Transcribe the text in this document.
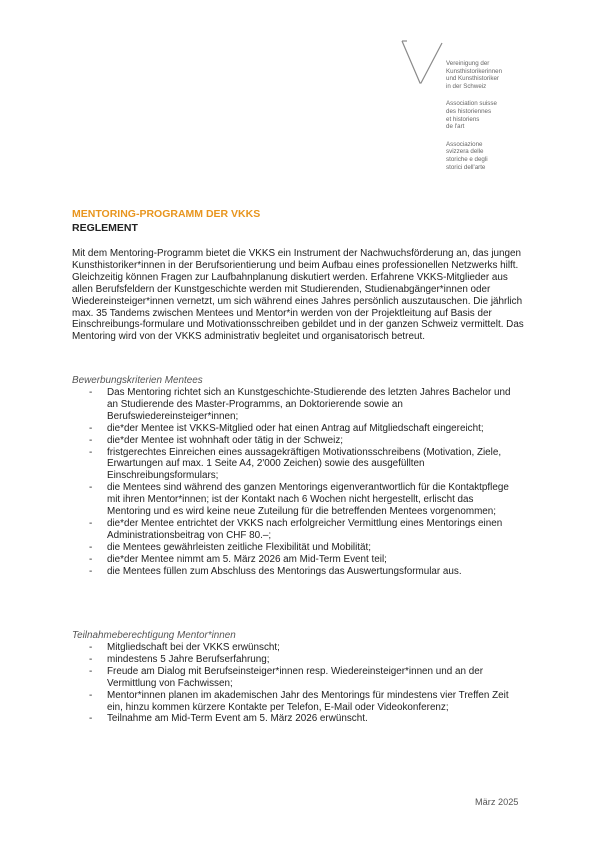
Vereinigung der
Kunsthistorikerinnen
und Kunsthistoriker
in der Schweiz
Association suisse
des historiennes
et historiens
de l'art
Associazione
svizzera delle
storiche e degli
storici dell'arte
MENTORING-PROGRAMM DER VKKS
REGLEMENT

Mit dem Mentoring-Programm bietet die VKKS ein Instrument der Nachwuchsförderung an, das jungen Kunsthistoriker*innen in der Berufsorientierung und beim Aufbau eines professionellen Netzwerks hilft. Gleichzeitig können Fragen zur Laufbahnplanung diskutiert werden. Erfahrene VKKS-Mitglieder aus allen Berufsfeldern der Kunstgeschichte werden mit Studierenden, Studienabgänger*innen oder Wiedereinsteiger*innen vernetzt, um sich während eines Jahres persönlich auszutauschen. Die jährlich max. 35 Tandems zwischen Mentees und Mentor*in werden von der Projektleitung auf Basis der Einschreibungs-formulare und Motivationsschreiben gebildet und in der ganzen Schweiz vermittelt. Das Mentoring wird von der VKKS administrativ begleitet und organisatorisch betreut.

Bewerbungskriterien Mentees
- Das Mentoring richtet sich an Kunstgeschichte-Studierende des letzten Jahres Bachelor und an Studierende des Master-Programms, an Doktorierende sowie an Berufswiedereinsteiger*innen;
- die*der Mentee ist VKKS-Mitglied oder hat einen Antrag auf Mitgliedschaft eingereicht;
- die*der Mentee ist wohnhaft oder tätig in der Schweiz;
- fristgerechtes Einreichen eines aussagekräftigen Motivationsschreibens (Motivation, Ziele, Erwartungen auf max. 1 Seite A4, 2'000 Zeichen) sowie des ausgefüllten Einschreibungsformulars;
- die Mentees sind während des ganzen Mentorings eigenverantwortlich für die Kontaktpflege mit ihren Mentor*innen; ist der Kontakt nach 6 Wochen nicht hergestellt, erlischt das Mentoring und es wird keine neue Zuteilung für die betreffenden Mentees vorgenommen;
- die*der Mentee entrichtet der VKKS nach erfolgreicher Vermittlung eines Mentorings einen Administrationsbeitrag von CHF 80.–;
- die Mentees gewährleisten zeitliche Flexibilität und Mobilität;
- die*der Mentee nimmt am 5. März 2026 am Mid-Term Event teil;
- die Mentees füllen zum Abschluss des Mentorings das Auswertungsformular aus.
Teilnahmeberechtigung Mentor*innen
- Mitgliedschaft bei der VKKS erwünscht;
- mindestens 5 Jahre Berufserfahrung;
- Freude am Dialog mit Berufseinsteiger*innen resp. Wiedereinsteiger*innen und an der Vermittlung von Fachwissen;
- Mentor*innen planen im akademischen Jahr des Mentorings für mindestens vier Treffen Zeit ein, hinzu kommen kürzere Kontakte per Telefon, E-Mail oder Videokonferenz;
- Teilnahme am Mid-Term Event am 5. März 2026 erwünscht.
März 2025
